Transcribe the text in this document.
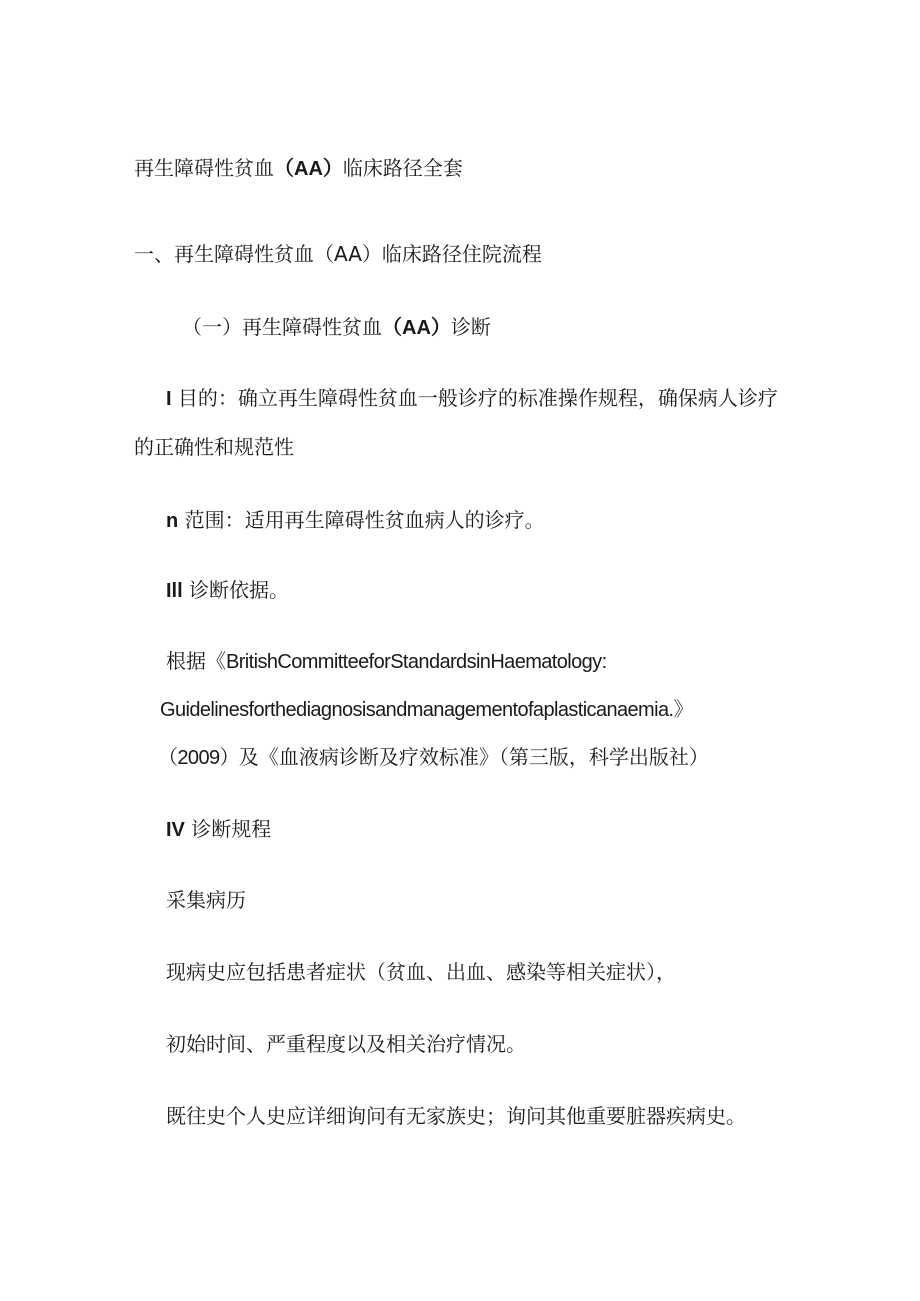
再生障碍性贫血（AA）临床路径全套
一、再生障碍性贫血（AA）临床路径住院流程
（一）再生障碍性贫血（AA）诊断
I 目的：确立再生障碍性贫血一般诊疗的标准操作规程，确保病人诊疗
的正确性和规范性
n 范围：适用再生障碍性贫血病人的诊疗。
Ill 诊断依据。
根据《BritishCommitteeforStandardsinHaematology:
Guidelinesforthediagnosisandmanagementofaplasticanaemia.》
（2009）及《血液病诊断及疗效标准》（第三版，科学出版社）
IV 诊断规程
采集病历
现病史应包括患者症状（贫血、出血、感染等相关症状），
初始时间、严重程度以及相关治疗情况。
既往史个人史应详细询问有无家族史；询问其他重要脏器疾病史。
